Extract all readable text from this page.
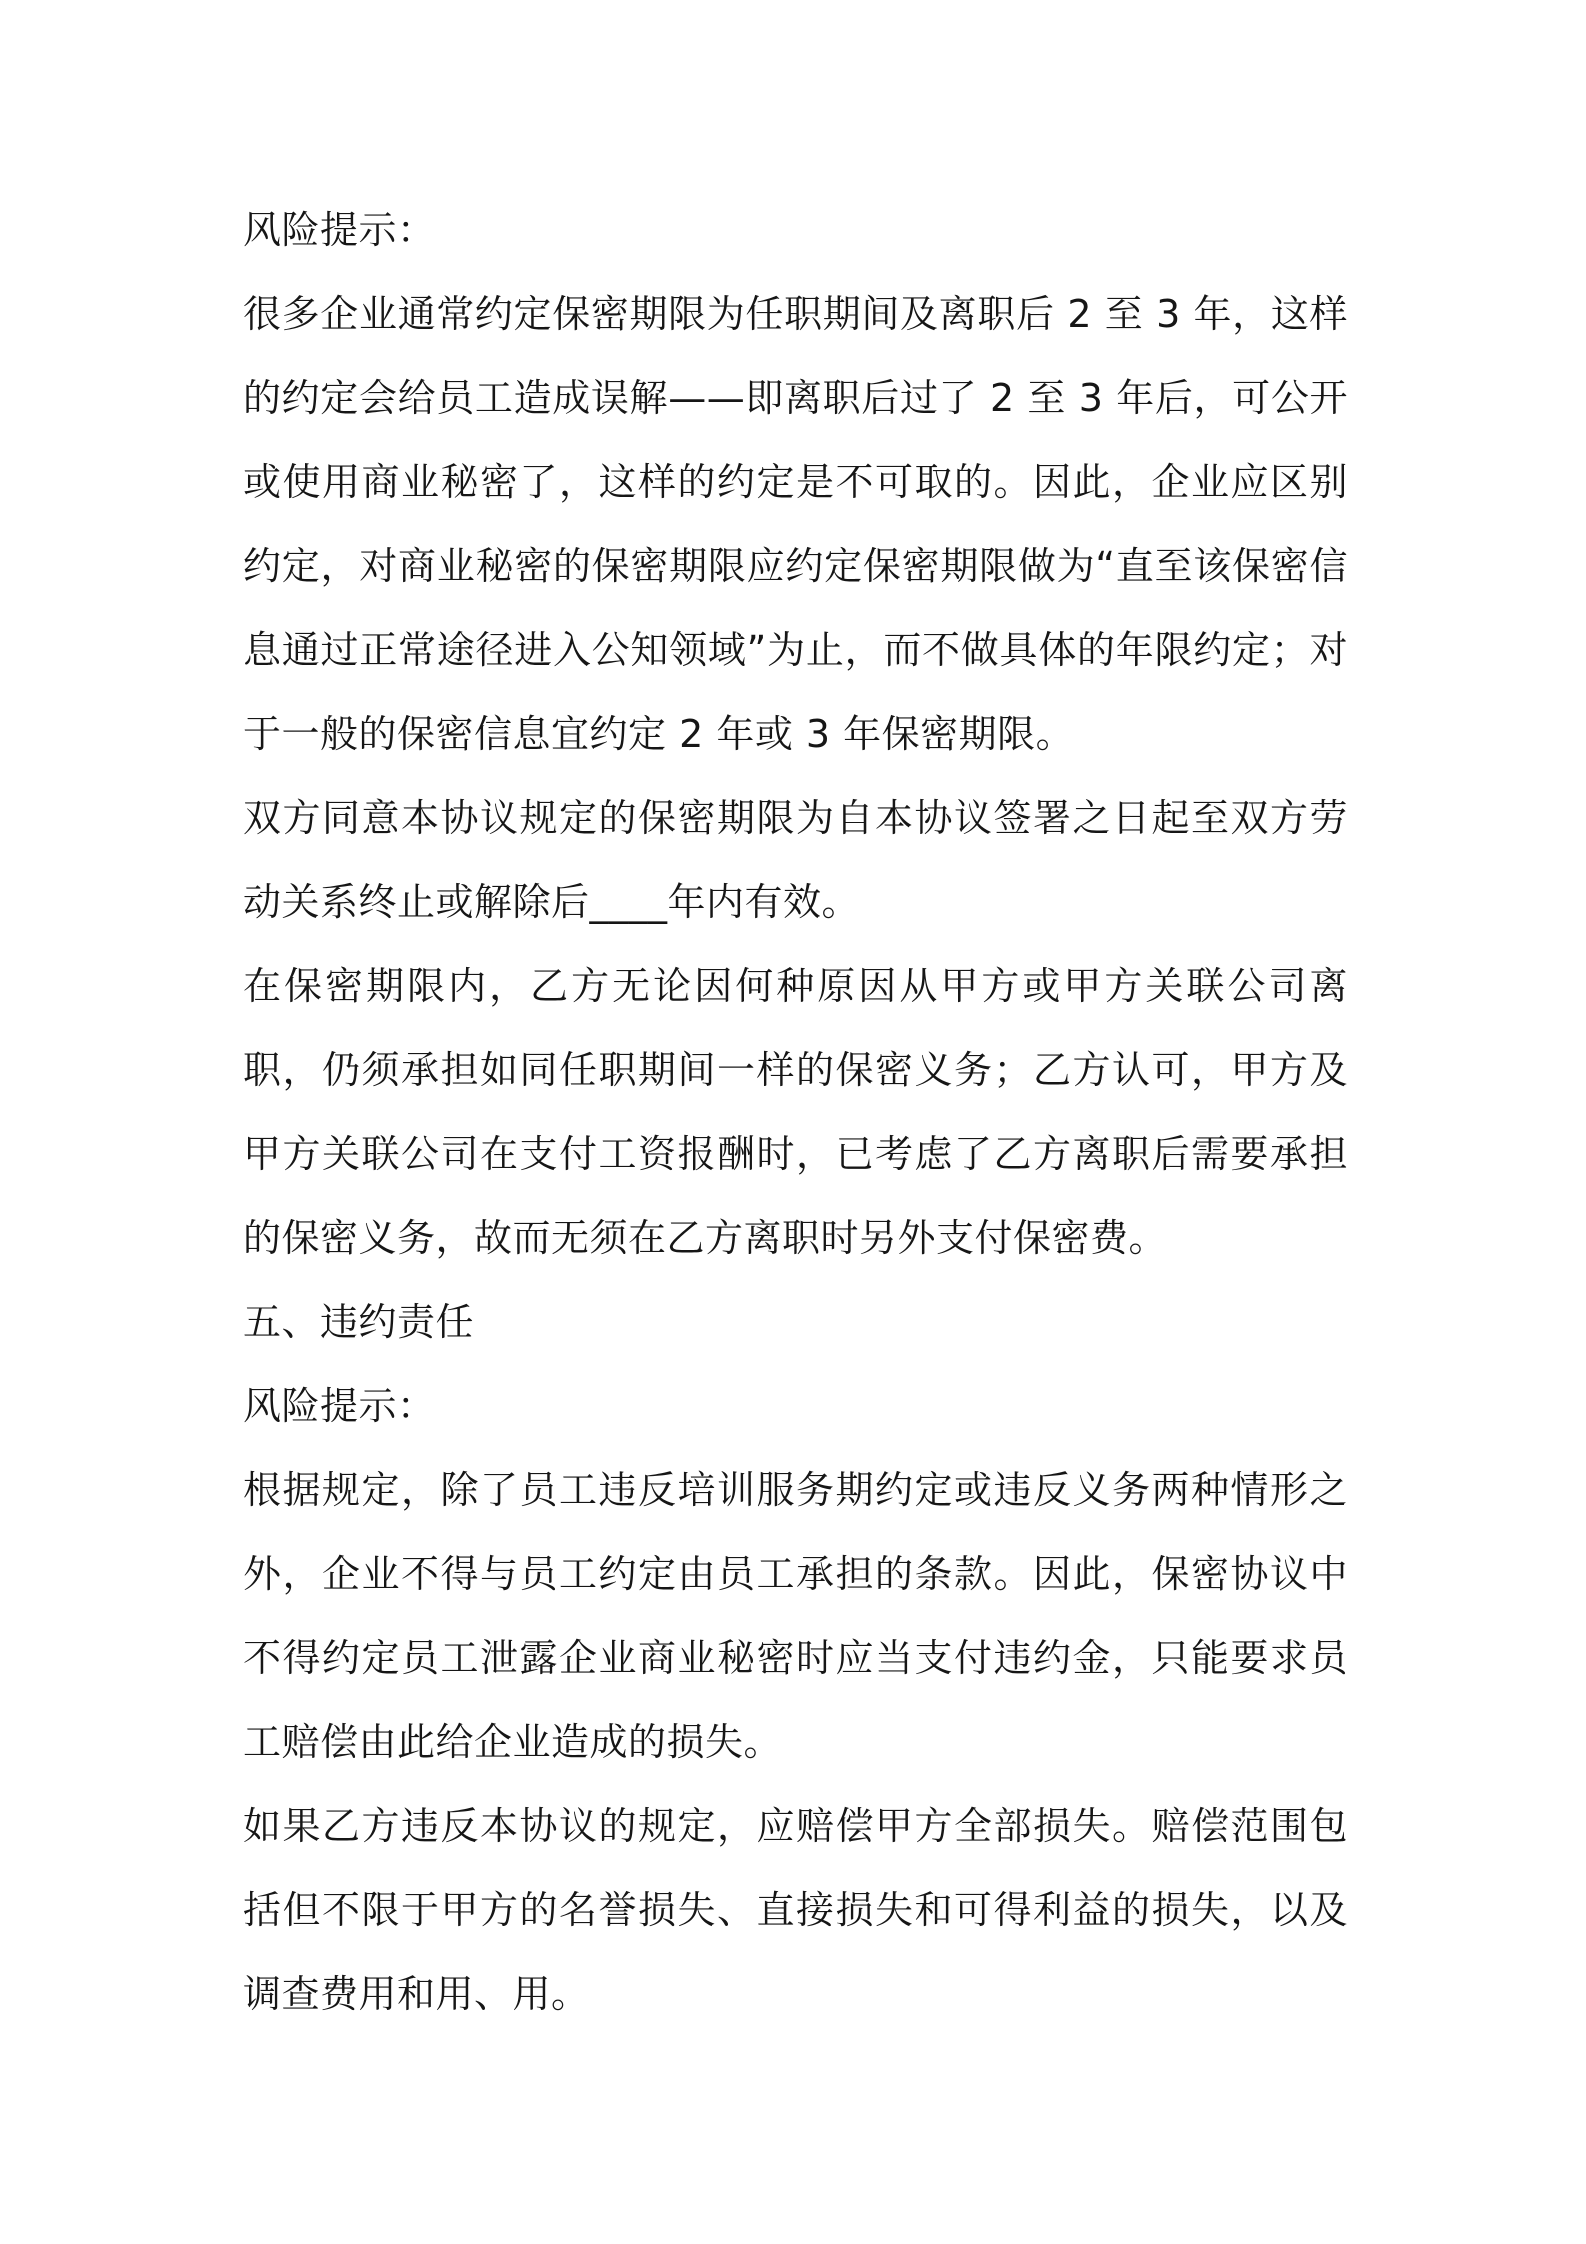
风险提示：

很多企业通常约定保密期限为任职期间及离职后 2 至 3 年，这样的约定会给员工造成误解——即离职后过了 2 至 3 年后，可公开或使用商业秘密了，这样的约定是不可取的。因此，企业应区别约定，对商业秘密的保密期限应约定保密期限做为“直至该保密信息通过正常途径进入公知领域”为止，而不做具体的年限约定；对于一般的保密信息宜约定 2 年或 3 年保密期限。

双方同意本协议规定的保密期限为自本协议签署之日起至双方劳动关系终止或解除后____年内有效。

在保密期限内，乙方无论因何种原因从甲方或甲方关联公司离职，仍须承担如同任职期间一样的保密义务；乙方认可，甲方及甲方关联公司在支付工资报酬时，已考虑了乙方离职后需要承担的保密义务，故而无须在乙方离职时另外支付保密费。

五、违约责任

风险提示：

根据规定，除了员工违反培训服务期约定或违反义务两种情形之外，企业不得与员工约定由员工承担的条款。因此，保密协议中不得约定员工泄露企业商业秘密时应当支付违约金，只能要求员工赔偿由此给企业造成的损失。

如果乙方违反本协议的规定，应赔偿甲方全部损失。赔偿范围包括但不限于甲方的名誉损失、直接损失和可得利益的损失，以及调查费用和用、用。
